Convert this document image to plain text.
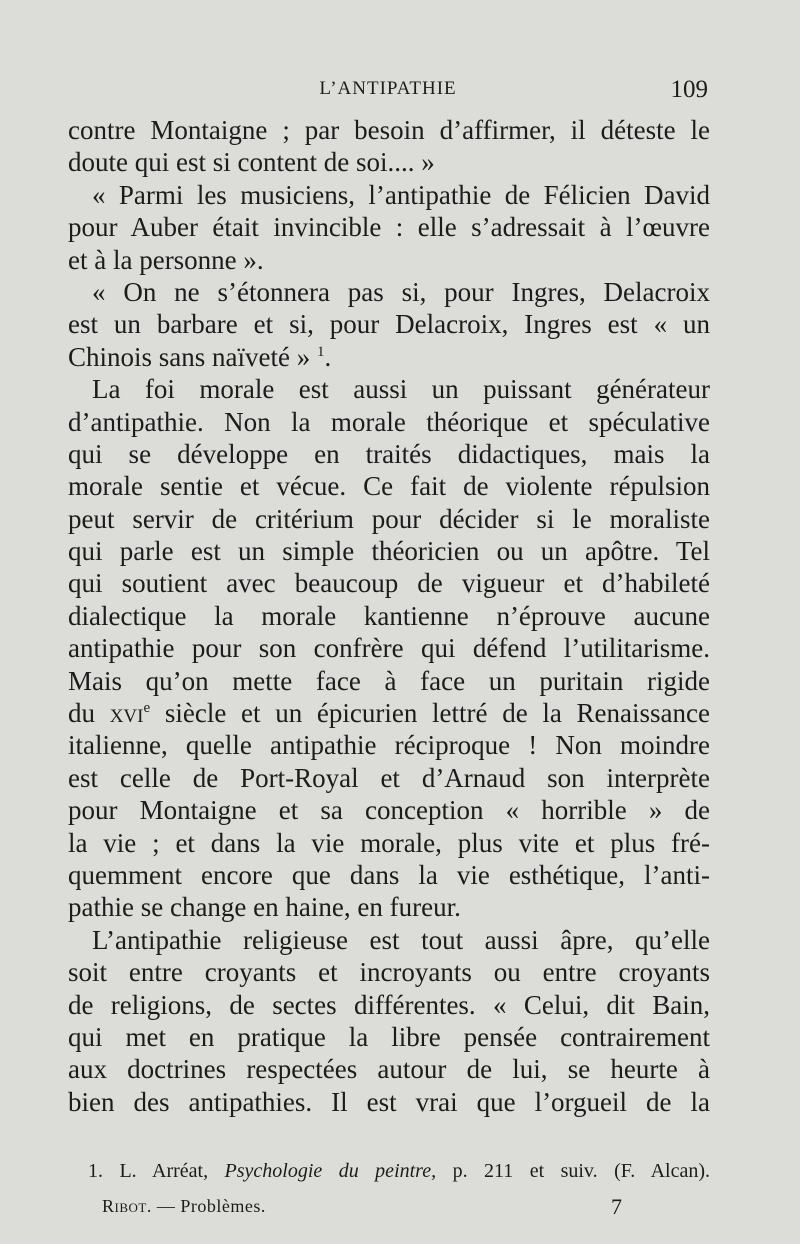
L’ANTIPATHIE	109
contre Montaigne ; par besoin d’affirmer, il déteste le
doute qui est si content de soi.... »
« Parmi les musiciens, l’antipathie de Félicien David
pour Auber était invincible : elle s’adressait à l’œuvre
et à la personne ».
« On ne s’étonnera pas si, pour Ingres, Delacroix
est un barbare et si, pour Delacroix, Ingres est « un
Chinois sans naïveté » $^1$.
La foi morale est aussi un puissant générateur
d’antipathie. Non la morale théorique et spéculative
qui se développe en traités didactiques, mais la
morale sentie et vécue. Ce fait de violente répulsion
peut servir de critérium pour décider si le moraliste
qui parle est un simple théoricien ou un apôtre. Tel
qui soutient avec beaucoup de vigueur et d’habileté
dialectique la morale kantienne n’éprouve aucune
antipathie pour son confrère qui défend l’utilitarisme.
Mais qu’on mette face à face un puritain rigide
du xvi$^e$ siècle et un épicurien lettré de la Renaissance
italienne, quelle antipathie réciproque ! Non moindre
est celle de Port-Royal et d’Arnaud son interprète
pour Montaigne et sa conception « horrible » de
la vie ; et dans la vie morale, plus vite et plus fré-
quemment encore que dans la vie esthétique, l’anti-
pathie se change en haine, en fureur.
L’antipathie religieuse est tout aussi âpre, qu’elle
soit entre croyants et incroyants ou entre croyants
de religions, de sectes différentes. « Celui, dit Bain,
qui met en pratique la libre pensée contrairement
aux doctrines respectées autour de lui, se heurte à
bien des antipathies. Il est vrai que l’orgueil de la
1. L. Arréat, Psychologie du peintre, p. 211 et suiv. (F. Alcan).
Ribot. — Problèmes.	7
